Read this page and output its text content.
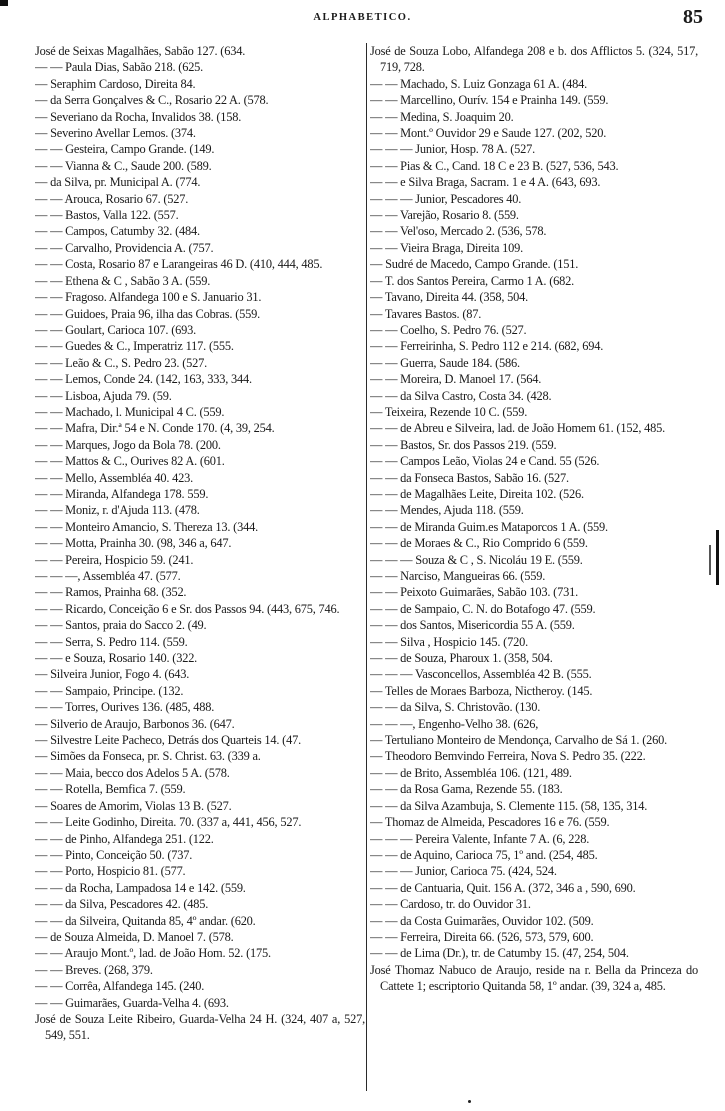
ALPHABETICO.	85

José de Seixas Magalhães, Sabão 127. (634.

— — Paula Dias, Sabão 218. (625.

— Seraphim Cardoso, Direita 84.

— da Serra Gonçalves & C., Rosario 22 A. (578.

— Severiano da Rocha, Invalidos 38. (158.

— Severino Avellar Lemos. (374.

— — Gesteira, Campo Grande. (149.

— — Vianna & C., Saude 200. (589.

— da Silva, pr. Municipal A. (774.

— — Arouca, Rosario 67. (527.

— — Bastos, Valla 122. (557.

— — Campos, Catumby 32. (484.

— — Carvalho, Providencia A. (757.

— — Costa, Rosario 87 e Larangeiras 46 D. (410, 444, 485.

— — Ethena & C , Sabão 3 A. (559.

— — Fragoso. Alfandega 100 e S. Januario 31.

— — Guidoes, Praia 96, ilha das Cobras. (559.

— — Goulart, Carioca 107. (693.

— — Guedes & C., Imperatriz 117. (555.

— — Leão & C., S. Pedro 23. (527.

— — Lemos, Conde 24. (142, 163, 333, 344.

— — Lisboa, Ajuda 79. (59.

— — Machado, l. Municipal 4 C. (559.

— — Mafra, Dir.ª 54 e N. Conde 170. (4, 39, 254.

— — Marques, Jogo da Bola 78. (200.

— — Mattos & C., Ourives 82 A. (601.

— — Mello, Assembléa 40. 423.

— — Miranda, Alfandega 178. 559.

— — Moniz, r. d'Ajuda 113. (478.

— — Monteiro Amancio, S. Thereza 13. (344.

— — Motta, Prainha 30. (98, 346 a, 647.

— — Pereira, Hospicio 59. (241.

— — —, Assembléa 47. (577.

— — Ramos, Prainha 68. (352.

— — Ricardo, Conceição 6 e Sr. dos Passos 94. (443, 675, 746.

— — Santos, praia do Sacco 2. (49.

— — Serra, S. Pedro 114. (559.

— — e Souza, Rosario 140. (322.

— Silveira Junior, Fogo 4. (643.

— — Sampaio, Principe. (132.

— — Torres, Ourives 136. (485, 488.

— Silverio de Araujo, Barbonos 36. (647.

— Silvestre Leite Pacheco, Detrás dos Quarteis 14. (47.

— Simões da Fonseca, pr. S. Christ. 63. (339 a.

— — Maia, becco dos Adelos 5 A. (578.

— — Rotella, Bemfica 7. (559.

— Soares de Amorim, Violas 13 B. (527.

— — Leite Godinho, Direita. 70. (337 a, 441, 456, 527.

— — de Pinho, Alfandega 251. (122.

— — Pinto, Conceição 50. (737.

— — Porto, Hospicio 81. (577.

— — da Rocha, Lampadosa 14 e 142. (559.

— — da Silva, Pescadores 42. (485.

— — da Silveira, Quitanda 85, 4º andar. (620.

— de Souza Almeida, D. Manoel 7. (578.

— — Araujo Mont.º, lad. de João Hom. 52. (175.

— — Breves. (268, 379.

— — Corrêa, Alfandega 145. (240.

— — Guimarães, Guarda-Velha 4. (693.

José de Souza Leite Ribeiro, Guarda-Velha 24 H. (324, 407 a, 527, 549, 551.

José de Souza Lobo, Alfandega 208 e b. dos Afflictos 5. (324, 517, 719, 728.

— — Machado, S. Luiz Gonzaga 61 A. (484.

— — Marcellino, Ourív. 154 e Prainha 149. (559.

— — Medina, S. Joaquim 20.

— — Mont.º Ouvidor 29 e Saude 127. (202, 520.

— — — Junior, Hosp. 78 A. (527.

— — Pias & C., Cand. 18 C e 23 B. (527, 536, 543.

— — e Silva Braga, Sacram. 1 e 4 A. (643, 693.

— — — Junior, Pescadores 40.

— — Varejão, Rosario 8. (559.

— — Vel'oso, Mercado 2. (536, 578.

— — Vieira Braga, Direita 109.

— Sudré de Macedo, Campo Grande. (151.

— T. dos Santos Pereira, Carmo 1 A. (682.

— Tavano, Direita 44. (358, 504.

— Tavares Bastos. (87.

— — Coelho, S. Pedro 76. (527.

— — Ferreirinha, S. Pedro 112 e 214. (682, 694.

— — Guerra, Saude 184. (586.

— — Moreira, D. Manoel 17. (564.

— — da Silva Castro, Costa 34. (428.

— Teixeira, Rezende 10 C. (559.

— — de Abreu e Silveira, lad. de João Homem 61. (152, 485.

— — Bastos, Sr. dos Passos 219. (559.

— — Campos Leão, Violas 24 e Cand. 55 (526.

— — da Fonseca Bastos, Sabão 16. (527.

— — de Magalhães Leite, Direita 102. (526.

— — Mendes, Ajuda 118. (559.

— — de Miranda Guim.es Mataporcos 1 A. (559.

— — de Moraes & C., Rio Comprido 6 (559.

— — — Souza & C , S. Nicoláu 19 E. (559.

— — Narciso, Mangueiras 66. (559.

— — Peixoto Guimarães, Sabão 103. (731.

— — de Sampaio, C. N. do Botafogo 47. (559.

— — dos Santos, Misericordia 55 A. (559.

— — Silva , Hospicio 145. (720.

— — de Souza, Pharoux 1. (358, 504.

— — — Vasconcellos, Assembléa 42 B. (555.

— Telles de Moraes Barboza, Nictheroy. (145.

— — da Silva, S. Christovão. (130.

— — —, Engenho-Velho 38. (626,

— Tertuliano Monteiro de Mendonça, Carvalho de Sá 1. (260.

— Theodoro Bemvindo Ferreira, Nova S. Pedro 35. (222.

— — de Brito, Assembléa 106. (121, 489.

— — da Rosa Gama, Rezende 55. (183.

— — da Silva Azambuja, S. Clemente 115. (58, 135, 314.

— Thomaz de Almeida, Pescadores 16 e 76. (559.

— — — Pereira Valente, Infante 7 A. (6, 228.

— — de Aquino, Carioca 75, 1º and. (254, 485.

— — — Junior, Carioca 75. (424, 524.

— — de Cantuaria, Quit. 156 A. (372, 346 a , 590, 690.

— — Cardoso, tr. do Ouvidor 31.

— — da Costa Guimarães, Ouvidor 102. (509.

— — Ferreira, Direita 66. (526, 573, 579, 600.

— — de Lima (Dr.), tr. de Catumby 15. (47, 254, 504.

José Thomaz Nabuco de Araujo, reside na r. Bella da Princeza do Cattete 1; escriptorio Quitanda 58, 1º andar. (39, 324 a, 485.
